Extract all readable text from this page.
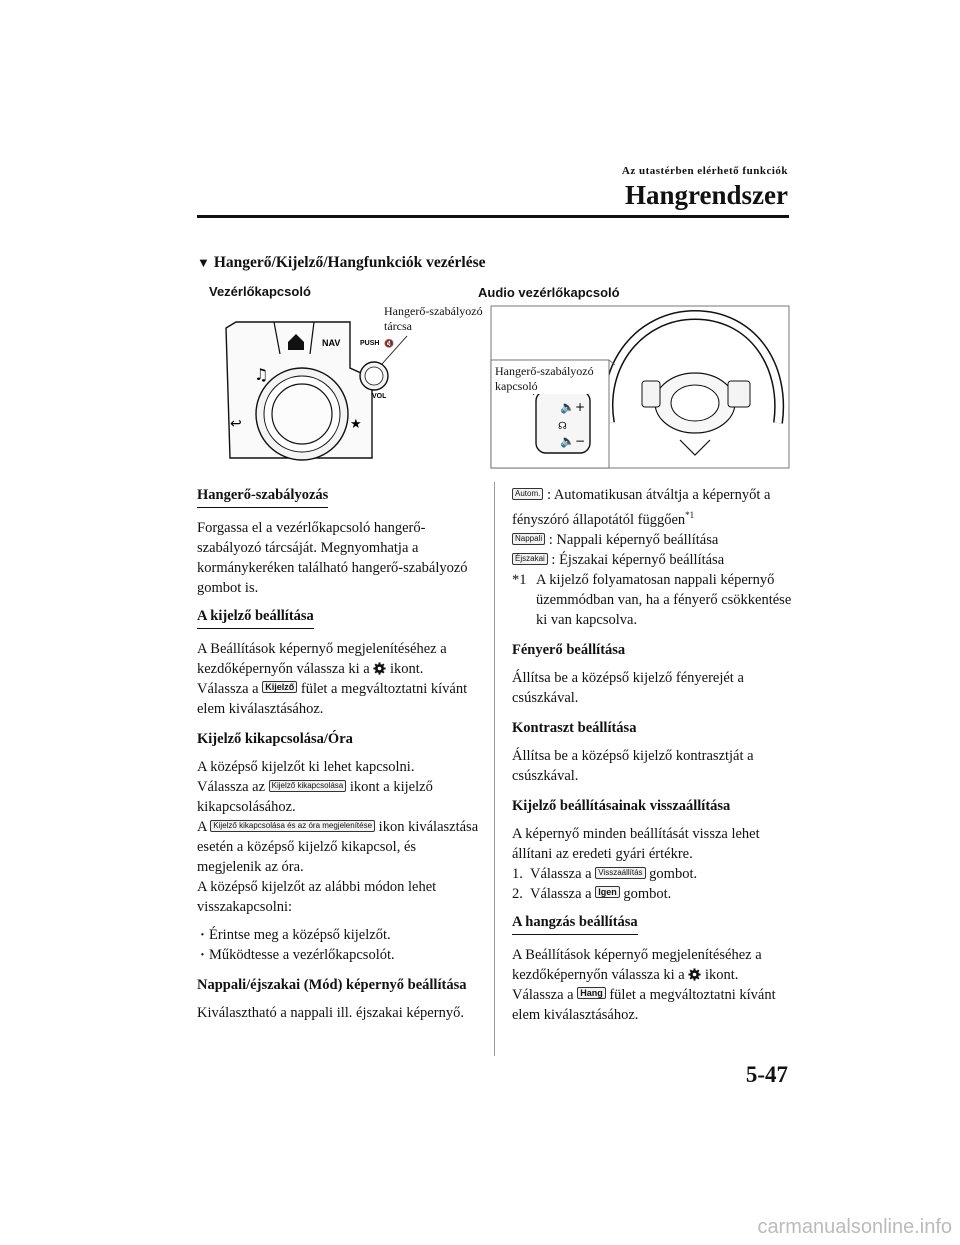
Az utastérben elérhető funkciók
Hangrendszer
▼ Hangerő/Kijelző/Hangfunkciók vezérlése
Vezérlőkapcsoló	Audio vezérlőkapcsoló
Hangerő-szabályozó
tárcsa
♫
NAV
↩	★
PUSH 🔇
VOL
🔈+
☊
🔈−
Hangerő-szabályozó
kapcsoló
Hangerő-szabályozás

Forgassa el a vezérlőkapcsoló hangerő-szabályozó tárcsáját. Megnyomhatja a kormánykeréken található hangerő-szabályozó gombot is.

A kijelző beállítása

A Beállítások képernyő megjelenítéséhez a kezdőképernyőn válassza ki a ikont.
Válassza a Kijelző fület a megváltoztatni kívánt elem kiválasztásához.

Kijelző kikapcsolása/Óra

A középső kijelzőt ki lehet kapcsolni.
Válassza az Kijelző kikapcsolása ikont a kijelző kikapcsolásához.
A Kijelző kikapcsolása és az óra megjelenítése ikon kiválasztása esetén a középső kijelző kikapcsol, és megjelenik az óra.
A középső kijelzőt az alábbi módon lehet visszakapcsolni:

· Érintse meg a középső kijelzőt.

· Működtesse a vezérlőkapcsolót.

Nappali/éjszakai (Mód) képernyő beállítása

Kiválasztható a nappali ill. éjszakai képernyő.

Autom. : Automatikusan átváltja a képernyőt a fényszóró állapotától függően$^{*1}$

Nappali : Nappali képernyő beállítása

Éjszakai : Éjszakai képernyő beállítása

*1 A kijelző folyamatosan nappali képernyő üzemmódban van, ha a fényerő csökkentése ki van kapcsolva.

Fényerő beállítása

Állítsa be a középső kijelző fényerejét a csúszkával.

Kontraszt beállítása

Állítsa be a középső kijelző kontrasztját a csúszkával.

Kijelző beállításainak visszaállítása

A képernyő minden beállítását vissza lehet állítani az eredeti gyári értékre.

1. Válassza a Visszaállítás gombot.

2. Válassza a Igen gombot.

A hangzás beállítása

A Beállítások képernyő megjelenítéséhez a kezdőképernyőn válassza ki a ikont.
Válassza a Hang fület a megváltoztatni kívánt elem kiválasztásához.

5-47
carmanualsonline.info
